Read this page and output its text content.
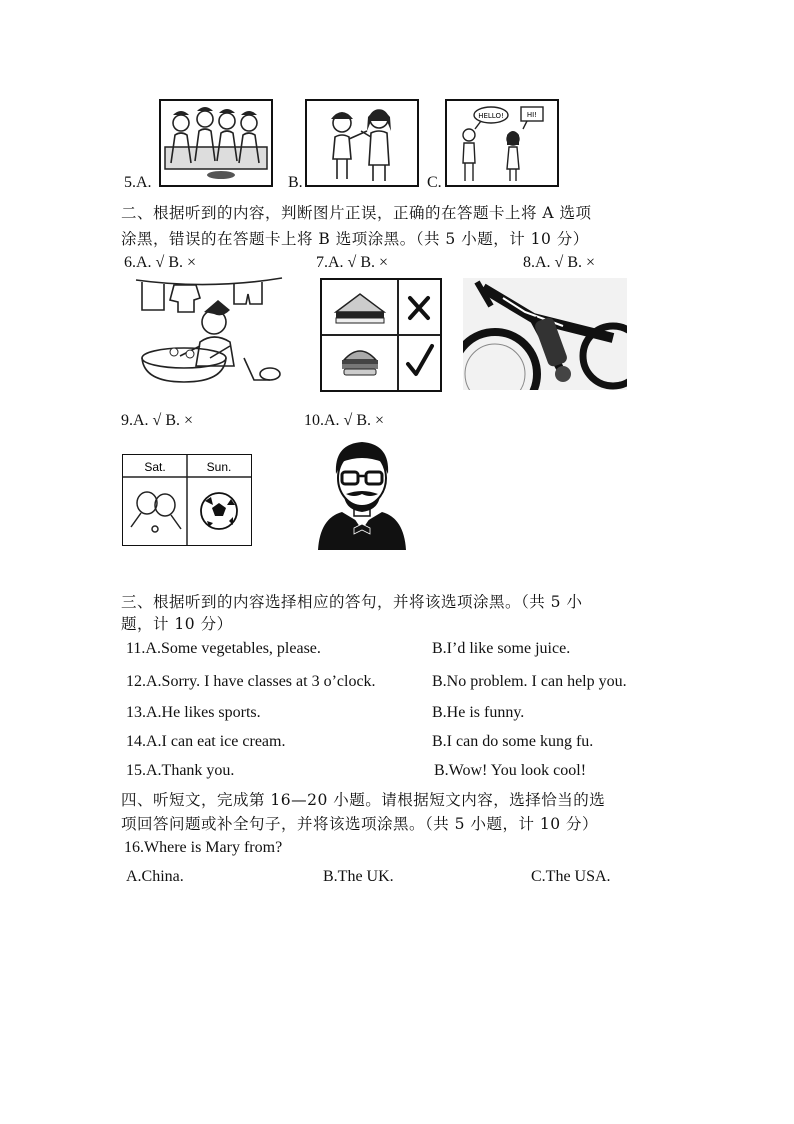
HELLO!	HI!
5.A.	B.	C.
二、根据听到的内容，判断图片正误，正确的在答题卡上将 A 选项
涂黑，错误的在答题卡上将 B 选项涂黑。（共 5 小题，计 10 分）
6.A. √ B. ×	7.A. √ B. ×	8.A. √ B. ×
9.A. √ B. ×	10.A. √ B. ×
Sat.	Sun.
三、根据听到的内容选择相应的答句，并将该选项涂黑。（共 5 小
题，计 10 分）
11.A.Some vegetables, please.	B.I’d like some juice.
12.A.Sorry. I have classes at 3 o’clock.	B.No problem. I can help you.
13.A.He likes sports.	B.He is funny.
14.A.I can eat ice cream.	B.I can do some kung fu.
15.A.Thank you.	B.Wow! You look cool!
四、听短文，完成第 16—20 小题。请根据短文内容，选择恰当的选
项回答问题或补全句子，并将该选项涂黑。（共 5 小题，计 10 分）
16.Where is Mary from?
A.China.	B.The UK.	C.The USA.
